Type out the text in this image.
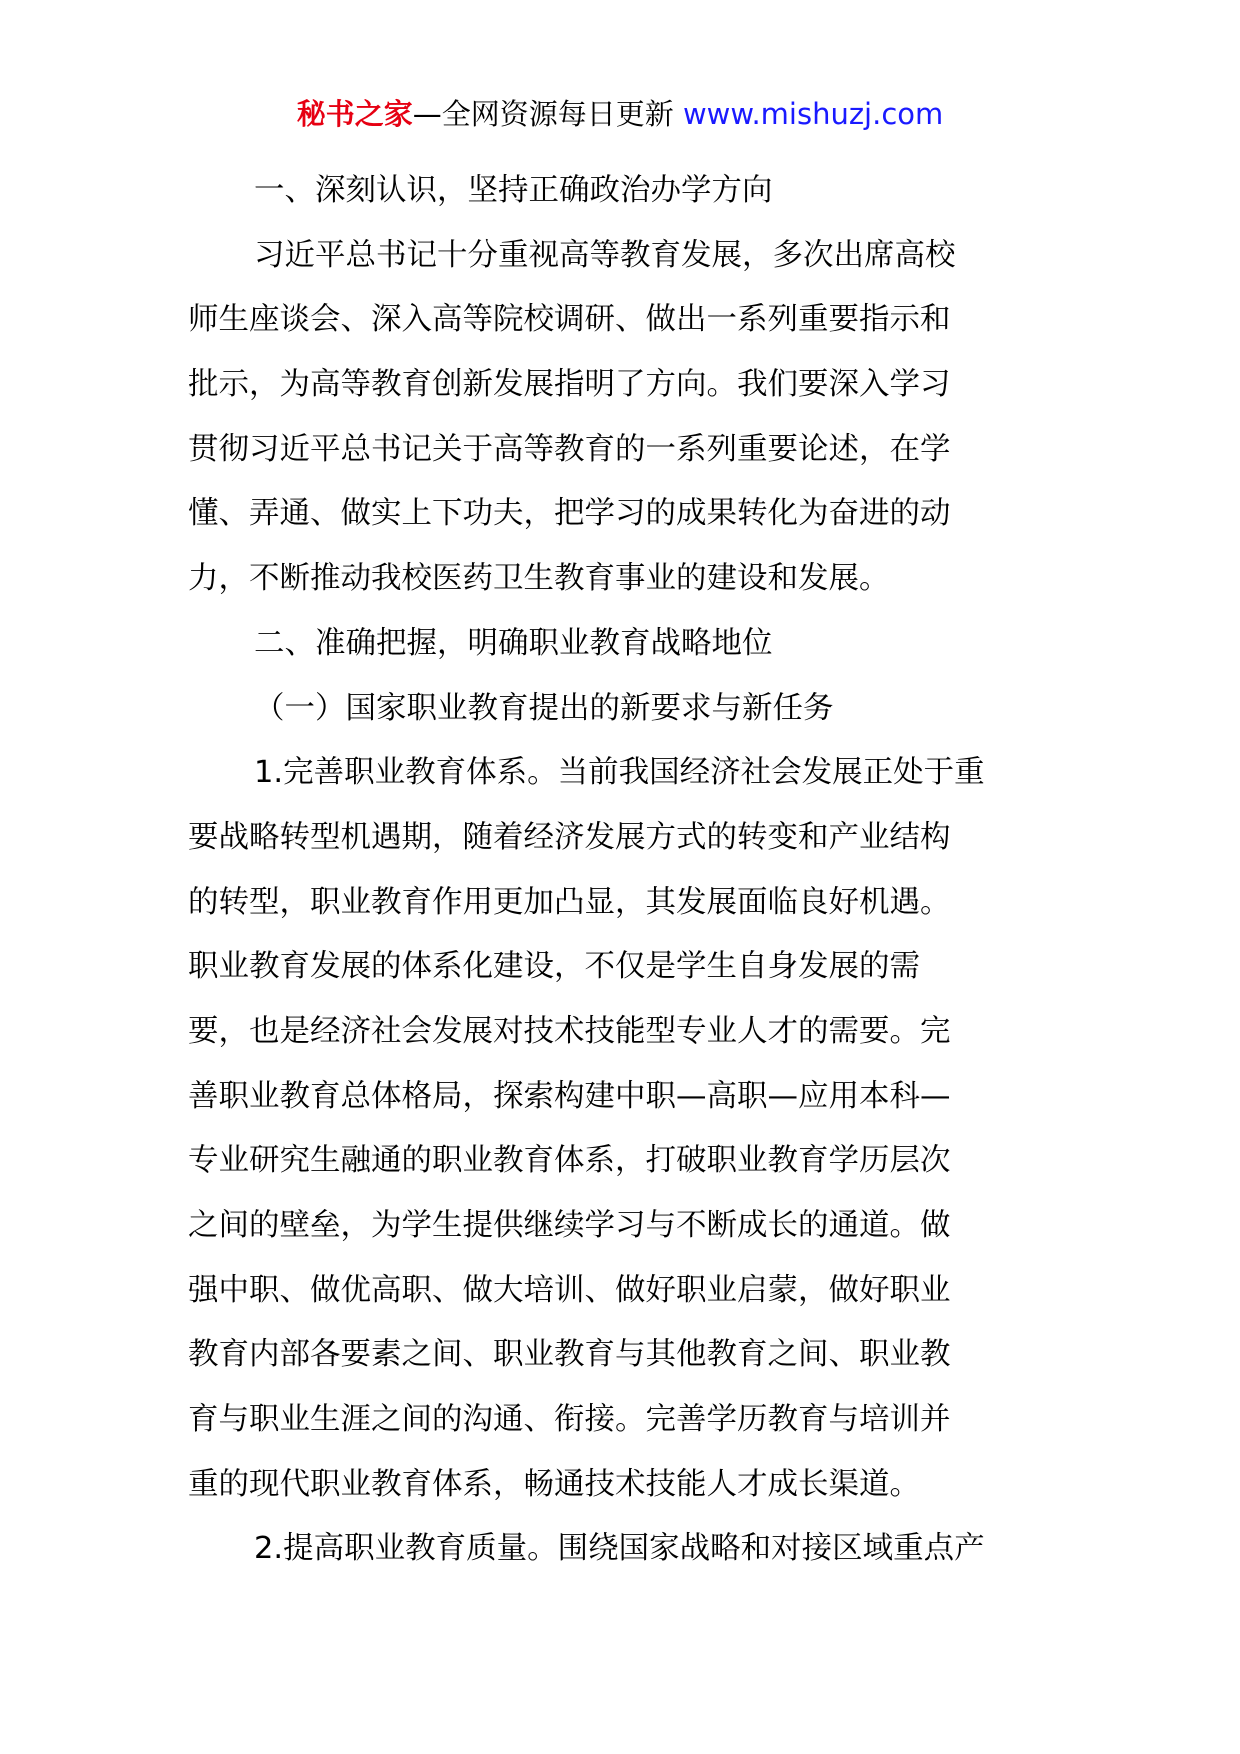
秘书之家—全网资源每日更新 www.mishuzj.com
一、深刻认识，坚持正确政治办学方向
习近平总书记十分重视高等教育发展，多次出席高校
师生座谈会、深入高等院校调研、做出一系列重要指示和
批示，为高等教育创新发展指明了方向。我们要深入学习
贯彻习近平总书记关于高等教育的一系列重要论述，在学
懂、弄通、做实上下功夫，把学习的成果转化为奋进的动
力，不断推动我校医药卫生教育事业的建设和发展。
二、准确把握，明确职业教育战略地位
（一）国家职业教育提出的新要求与新任务
1.完善职业教育体系。当前我国经济社会发展正处于重
要战略转型机遇期，随着经济发展方式的转变和产业结构
的转型，职业教育作用更加凸显，其发展面临良好机遇。
职业教育发展的体系化建设，不仅是学生自身发展的需
要，也是经济社会发展对技术技能型专业人才的需要。完
善职业教育总体格局，探索构建中职—高职—应用本科—
专业研究生融通的职业教育体系，打破职业教育学历层次
之间的壁垒，为学生提供继续学习与不断成长的通道。做
强中职、做优高职、做大培训、做好职业启蒙，做好职业
教育内部各要素之间、职业教育与其他教育之间、职业教
育与职业生涯之间的沟通、衔接。完善学历教育与培训并
重的现代职业教育体系，畅通技术技能人才成长渠道。
2.提高职业教育质量。围绕国家战略和对接区域重点产
